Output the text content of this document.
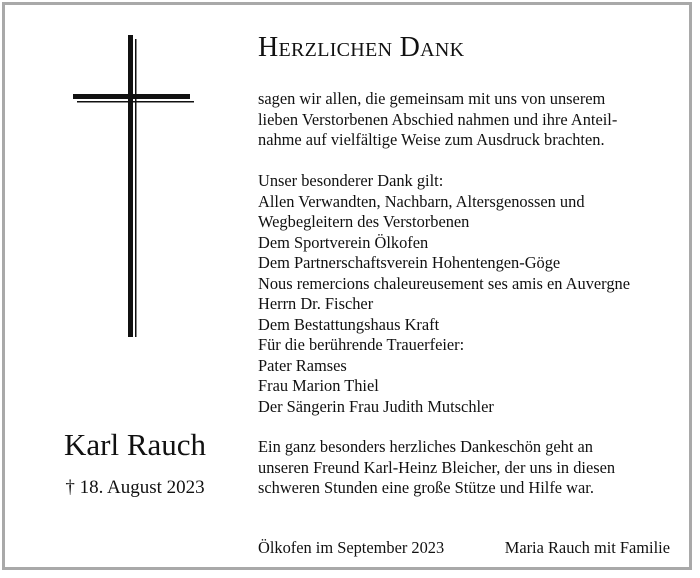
Karl Rauch
† 18. August 2023
Herzlichen Dank
sagen wir allen, die gemeinsam mit uns von unserem
lieben Verstorbenen Abschied nahmen und ihre Anteil-
nahme auf vielfältige Weise zum Ausdruck brachten.
Unser besonderer Dank gilt:
Allen Verwandten, Nachbarn, Altersgenossen und
Wegbegleitern des Verstorbenen
Dem Sportverein Ölkofen
Dem Partnerschaftsverein Hohentengen-Göge
Nous remercions chaleureusement ses amis en Auvergne
Herrn Dr. Fischer
Dem Bestattungshaus Kraft
Für die berührende Trauerfeier:
Pater Ramses
Frau Marion Thiel
Der Sängerin Frau Judith Mutschler
Ein ganz besonders herzliches Dankeschön geht an
unseren Freund Karl-Heinz Bleicher, der uns in diesen
schweren Stunden eine große Stütze und Hilfe war.
Ölkofen im September 2023	Maria Rauch mit Familie
